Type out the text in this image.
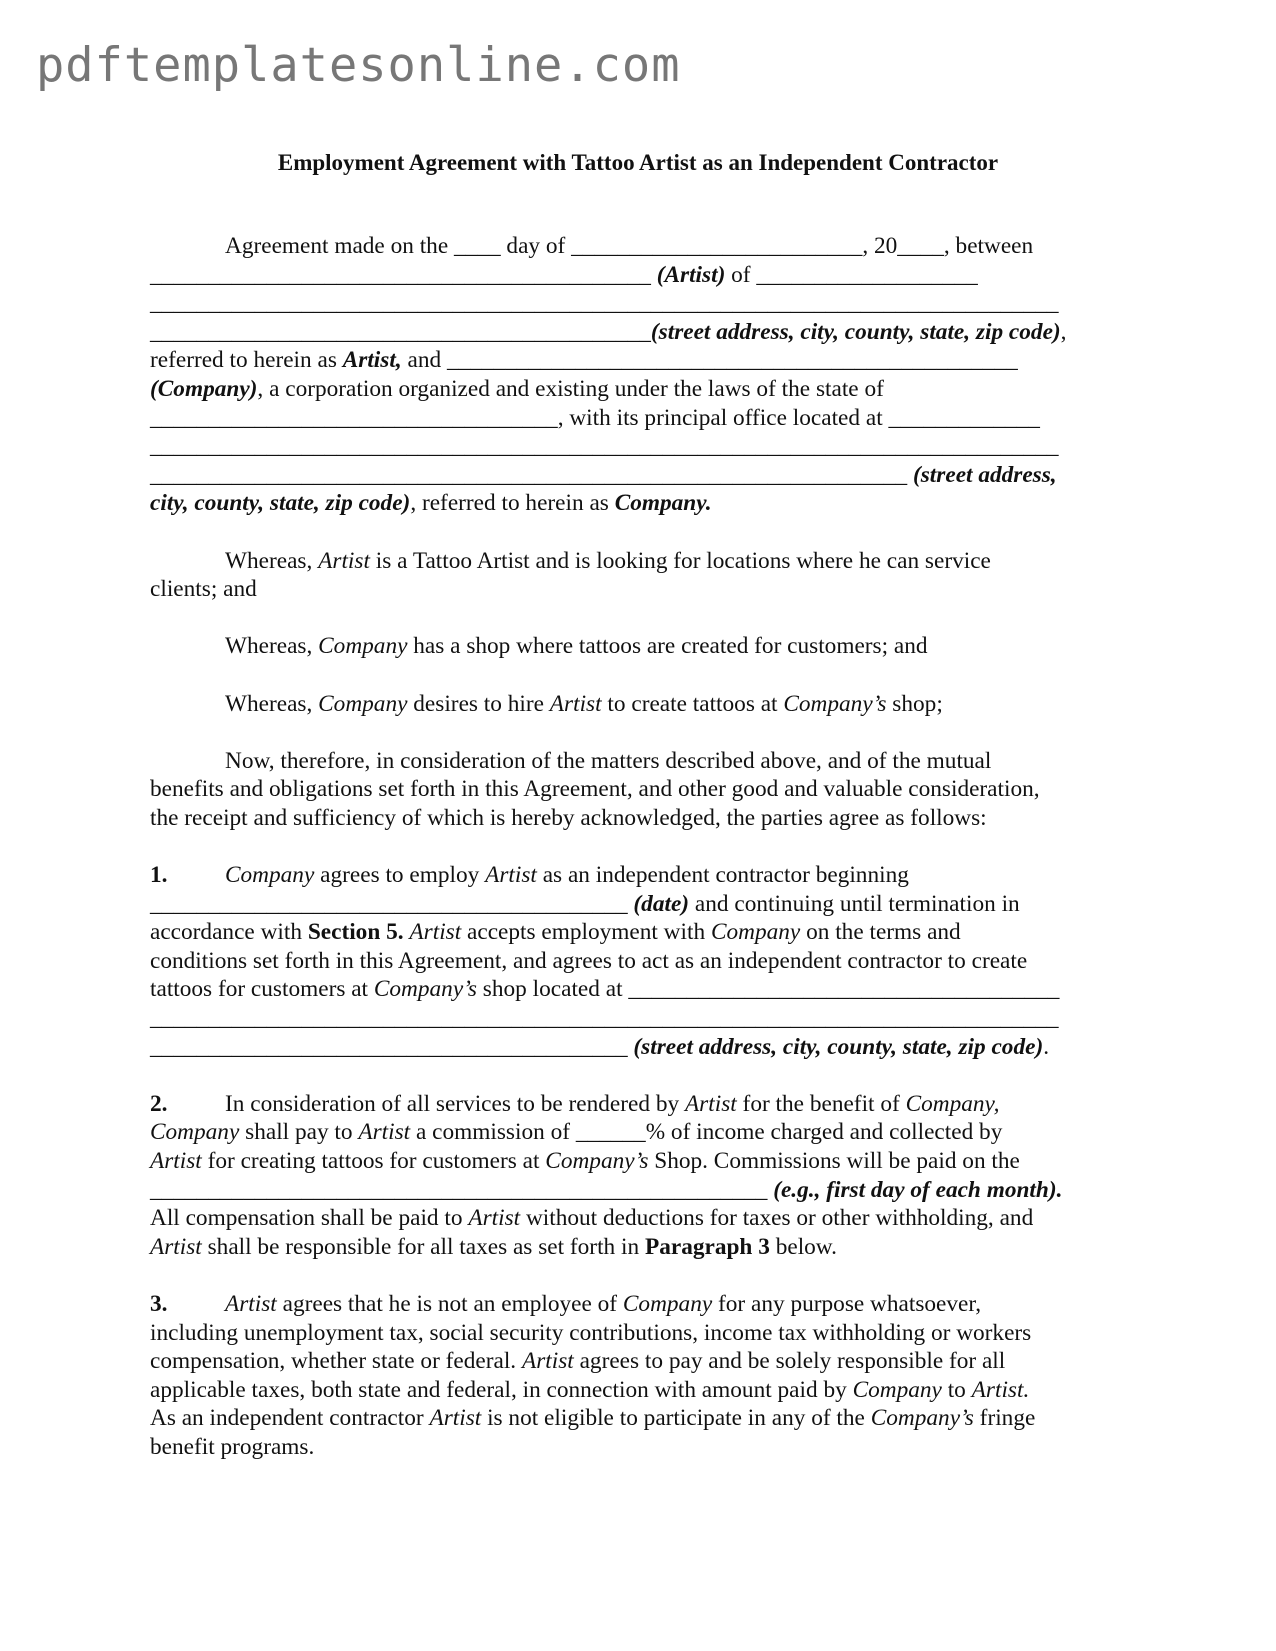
pdftemplatesonline.com
Employment Agreement with Tattoo Artist as an Independent Contractor
Agreement made on the ____ day of _________________________, 20____, between
___________________________________________ (Artist) of ___________________
______________________________________________________________________________
___________________________________________(street address, city, county, state, zip code),
referred to herein as Artist, and _________________________________________________
(Company), a corporation organized and existing under the laws of the state of
___________________________________, with its principal office located at _____________
______________________________________________________________________________
_________________________________________________________________ (street address,
city, county, state, zip code), referred to herein as Company.
Whereas, Artist is a Tattoo Artist and is looking for locations where he can service
clients; and
Whereas, Company has a shop where tattoos are created for customers; and
Whereas, Company desires to hire Artist to create tattoos at Company’s shop;
Now, therefore, in consideration of the matters described above, and of the mutual
benefits and obligations set forth in this Agreement, and other good and valuable consideration,
the receipt and sufficiency of which is hereby acknowledged, the parties agree as follows:
1. Company agrees to employ Artist as an independent contractor beginning
_________________________________________ (date) and continuing until termination in
accordance with Section 5. Artist accepts employment with Company on the terms and
conditions set forth in this Agreement, and agrees to act as an independent contractor to create
tattoos for customers at Company’s shop located at _____________________________________
______________________________________________________________________________
_________________________________________ (street address, city, county, state, zip code).
2. In consideration of all services to be rendered by Artist for the benefit of Company,
Company shall pay to Artist a commission of ______% of income charged and collected by
Artist for creating tattoos for customers at Company’s Shop. Commissions will be paid on the
_____________________________________________________ (e.g., first day of each month).
All compensation shall be paid to Artist without deductions for taxes or other withholding, and
Artist shall be responsible for all taxes as set forth in Paragraph 3 below.
3. Artist agrees that he is not an employee of Company for any purpose whatsoever,
including unemployment tax, social security contributions, income tax withholding or workers
compensation, whether state or federal. Artist agrees to pay and be solely responsible for all
applicable taxes, both state and federal, in connection with amount paid by Company to Artist.
As an independent contractor Artist is not eligible to participate in any of the Company’s fringe
benefit programs.
